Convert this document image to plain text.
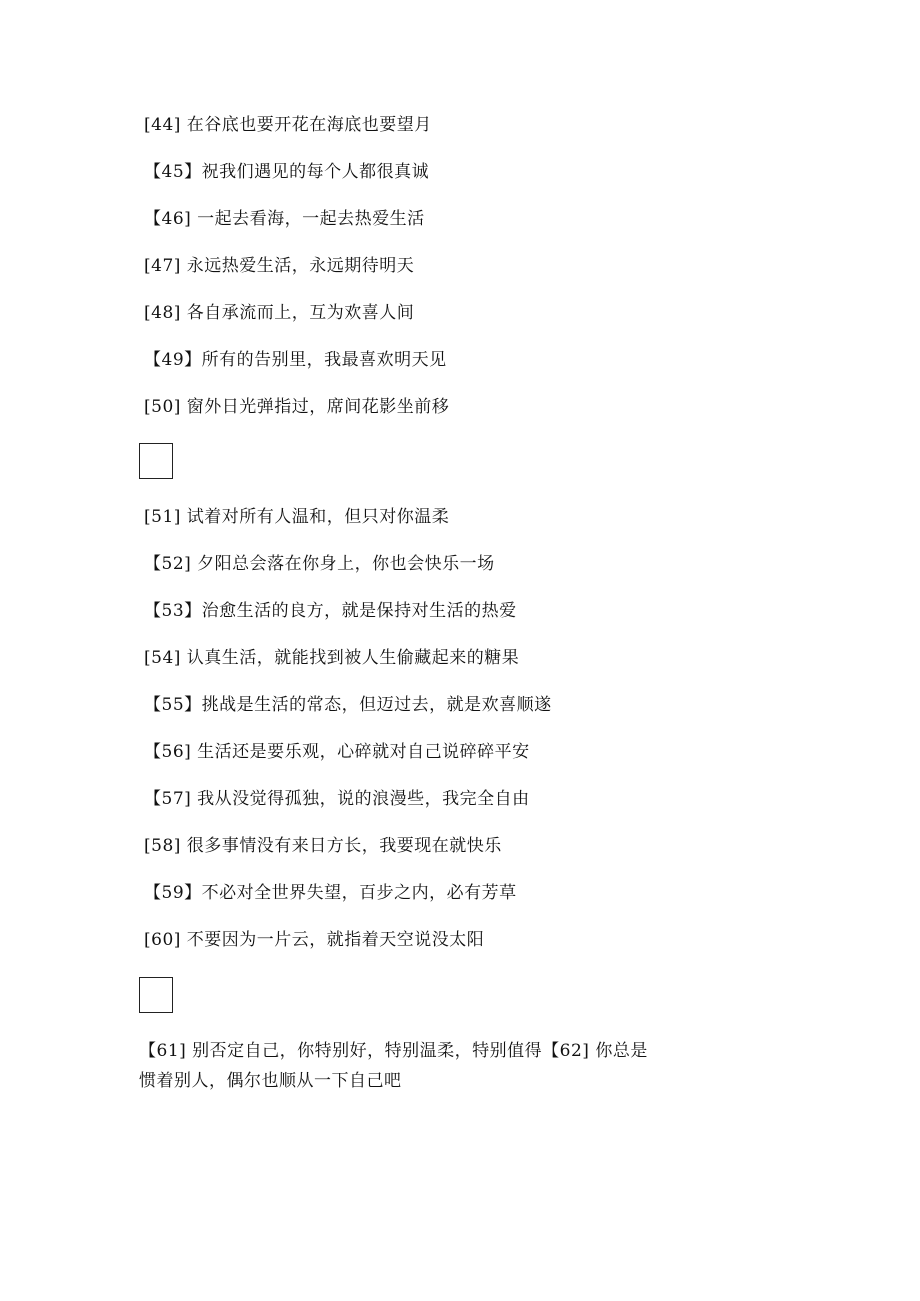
[44] 在谷底也要开花在海底也要望月
【45】祝我们遇见的每个人都很真诚
【46] 一起去看海，一起去热爱生活
[47] 永远热爱生活，永远期待明天
[48] 各自承流而上，互为欢喜人间
【49】所有的告别里，我最喜欢明天见
[50] 窗外日光弹指过，席间花影坐前移
[51] 试着对所有人温和，但只对你温柔
【52] 夕阳总会落在你身上，你也会快乐一场
【53】治愈生活的良方，就是保持对生活的热爱
[54] 认真生活，就能找到被人生偷藏起来的糖果
【55】挑战是生活的常态，但迈过去，就是欢喜顺遂
【56] 生活还是要乐观，心碎就对自己说碎碎平安
【57] 我从没觉得孤独，说的浪漫些，我完全自由
[58] 很多事情没有来日方长，我要现在就快乐
【59】不必对全世界失望，百步之内，必有芳草
[60] 不要因为一片云，就指着天空说没太阳
【61] 别否定自己，你特别好，特别温柔，特别值得【62] 你总是惯着别人，偶尔也顺从一下自己吧
